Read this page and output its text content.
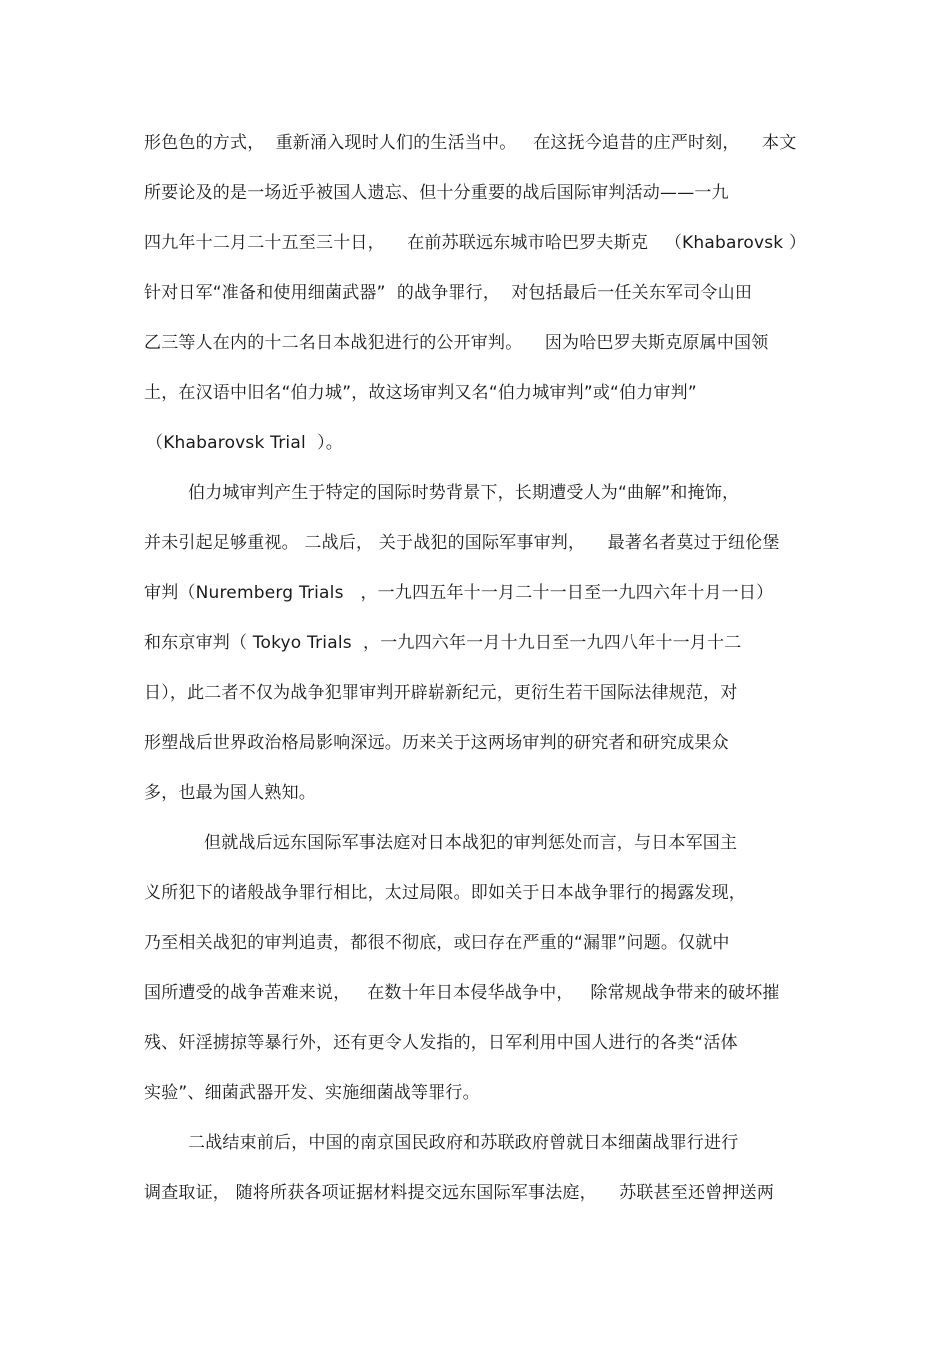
形色色的方式，  重新涌入现时人们的生活当中。   在这抚今追昔的庄严时刻，    本文
所要论及的是一场近乎被国人遗忘、但十分重要的战后国际审判活动——一九
四九年十二月二十五至三十日，    在前苏联远东城市哈巴罗夫斯克   （Khabarovsk ）
针对日军“准备和使用细菌武器”  的战争罪行，  对包括最后一任关东军司令山田
乙三等人在内的十二名日本战犯进行的公开审判。    因为哈巴罗夫斯克原属中国领
土，在汉语中旧名“伯力城”，故这场审判又名“伯力城审判”或“伯力审判”
（Khabarovsk Trial  ）。
伯力城审判产生于特定的国际时势背景下，长期遭受人为“曲解”和掩饰，
并未引起足够重视。 二战后， 关于战犯的国际军事审判，    最著名者莫过于纽伦堡
审判（Nuremberg Trials   ，一九四五年十一月二十一日至一九四六年十月一日）
和东京审判（ Tokyo Trials  ，一九四六年一月十九日至一九四八年十一月十二
日），此二者不仅为战争犯罪审判开辟崭新纪元，更衍生若干国际法律规范，对
形塑战后世界政治格局影响深远。历来关于这两场审判的研究者和研究成果众
多，也最为国人熟知。
但就战后远东国际军事法庭对日本战犯的审判惩处而言，与日本军国主
义所犯下的诸般战争罪行相比，太过局限。即如关于日本战争罪行的揭露发现，
乃至相关战犯的审判追责，都很不彻底，或曰存在严重的“漏罪”问题。仅就中
国所遭受的战争苦难来说，   在数十年日本侵华战争中，   除常规战争带来的破坏摧
残、奸淫掳掠等暴行外，还有更令人发指的，日军利用中国人进行的各类“活体
实验”、细菌武器开发、实施细菌战等罪行。
二战结束前后，中国的南京国民政府和苏联政府曾就日本细菌战罪行进行
调查取证， 随将所获各项证据材料提交远东国际军事法庭，    苏联甚至还曾押送两
